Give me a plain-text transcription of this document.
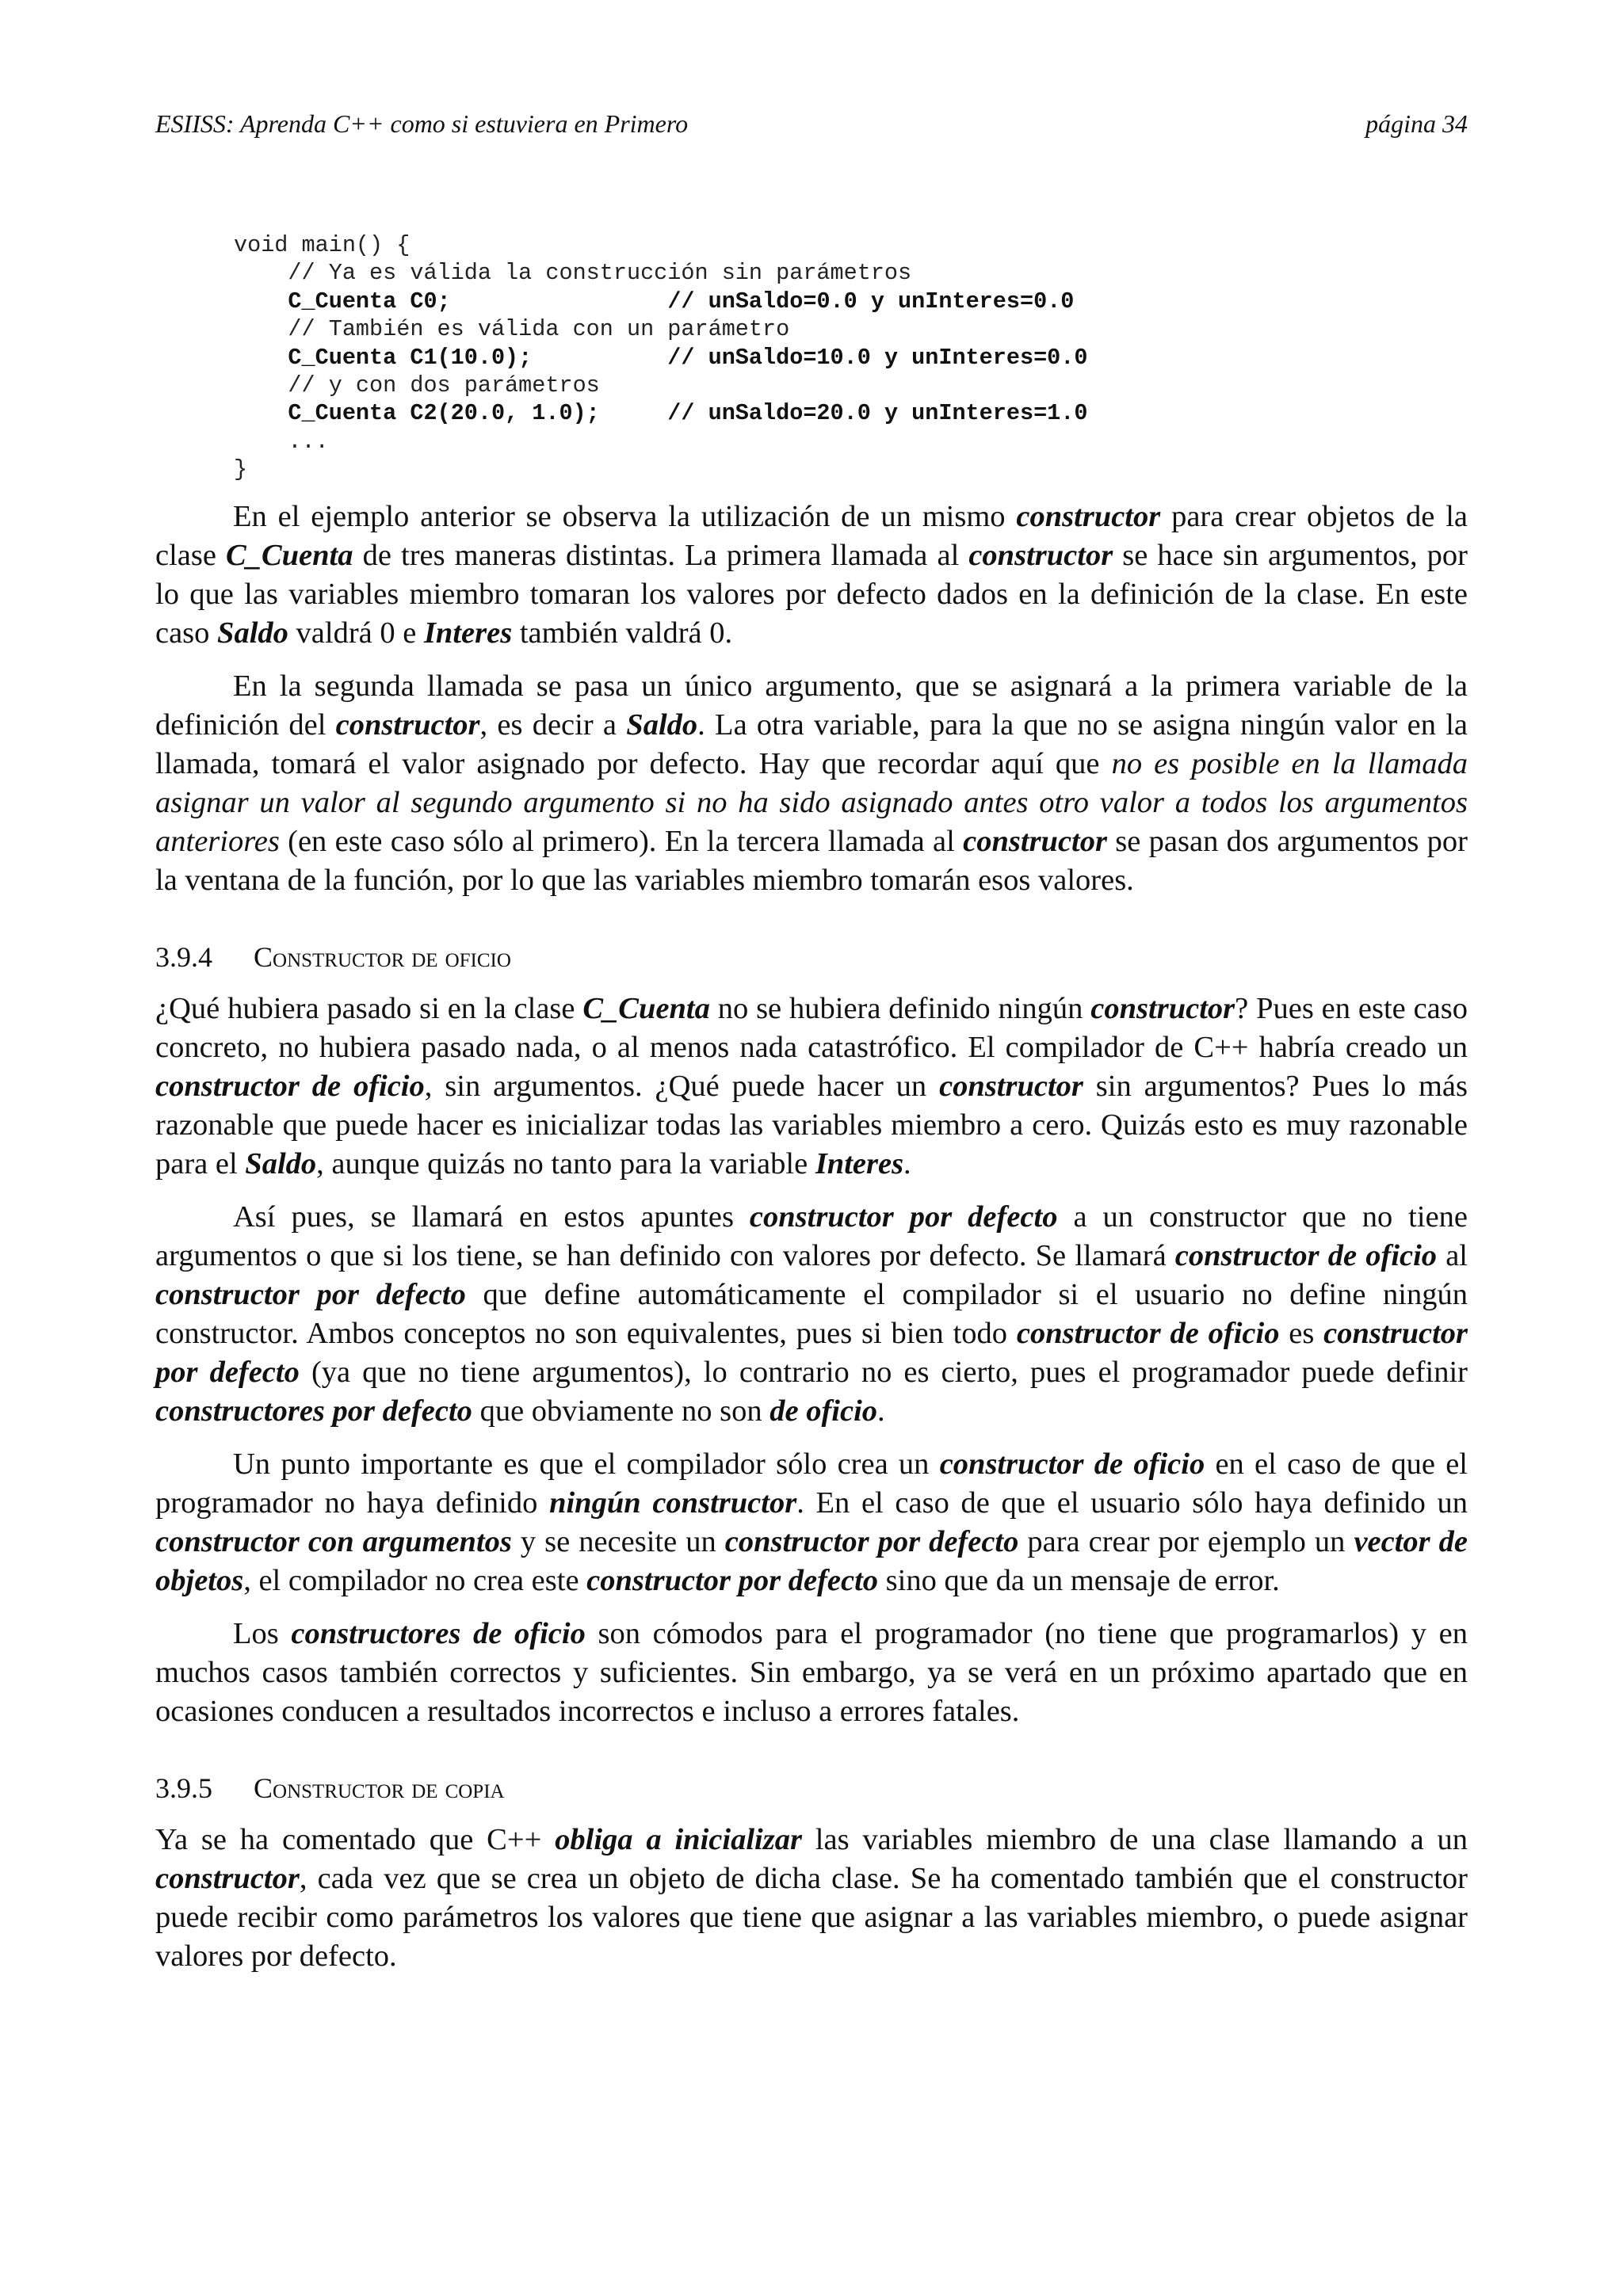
ESIISS: Aprenda C++ como si estuviera en Primero	página 34
void main() {
// Ya es válida la construcción sin parámetros
C_Cuenta C0;	// unSaldo=0.0 y unInteres=0.0
// También es válida con un parámetro
C_Cuenta C1(10.0);	// unSaldo=10.0 y unInteres=0.0
// y con dos parámetros
C_Cuenta C2(20.0, 1.0);	// unSaldo=20.0 y unInteres=1.0
...
}

En el ejemplo anterior se observa la utilización de un mismo constructor para crear objetos de la clase C_Cuenta de tres maneras distintas. La primera llamada al constructor se hace sin argumentos, por lo que las variables miembro tomaran los valores por defecto dados en la definición de la clase. En este caso Saldo valdrá 0 e Interes también valdrá 0.

En la segunda llamada se pasa un único argumento, que se asignará a la primera variable de la definición del constructor, es decir a Saldo. La otra variable, para la que no se asigna ningún valor en la llamada, tomará el valor asignado por defecto. Hay que recordar aquí que no es posible en la llamada asignar un valor al segundo argumento si no ha sido asignado antes otro valor a todos los argumentos anteriores (en este caso sólo al primero). En la tercera llamada al constructor se pasan dos argumentos por la ventana de la función, por lo que las variables miembro tomarán esos valores.

3.9.4 Constructor de oficio

¿Qué hubiera pasado si en la clase C_Cuenta no se hubiera definido ningún constructor? Pues en este caso concreto, no hubiera pasado nada, o al menos nada catastrófico. El compilador de C++ habría creado un constructor de oficio, sin argumentos. ¿Qué puede hacer un constructor sin argumentos? Pues lo más razonable que puede hacer es inicializar todas las variables miembro a cero. Quizás esto es muy razonable para el Saldo, aunque quizás no tanto para la variable Interes.

Así pues, se llamará en estos apuntes constructor por defecto a un constructor que no tiene argumentos o que si los tiene, se han definido con valores por defecto. Se llamará constructor de oficio al constructor por defecto que define automáticamente el compilador si el usuario no define ningún constructor. Ambos conceptos no son equivalentes, pues si bien todo constructor de oficio es constructor por defecto (ya que no tiene argumentos), lo contrario no es cierto, pues el programador puede definir constructores por defecto que obviamente no son de oficio.

Un punto importante es que el compilador sólo crea un constructor de oficio en el caso de que el programador no haya definido ningún constructor. En el caso de que el usuario sólo haya definido un constructor con argumentos y se necesite un constructor por defecto para crear por ejemplo un vector de objetos, el compilador no crea este constructor por defecto sino que da un mensaje de error.

Los constructores de oficio son cómodos para el programador (no tiene que programarlos) y en muchos casos también correctos y suficientes. Sin embargo, ya se verá en un próximo apartado que en ocasiones conducen a resultados incorrectos e incluso a errores fatales.

3.9.5 Constructor de copia

Ya se ha comentado que C++ obliga a inicializar las variables miembro de una clase llamando a un constructor, cada vez que se crea un objeto de dicha clase. Se ha comentado también que el constructor puede recibir como parámetros los valores que tiene que asignar a las variables miembro, o puede asignar valores por defecto.
